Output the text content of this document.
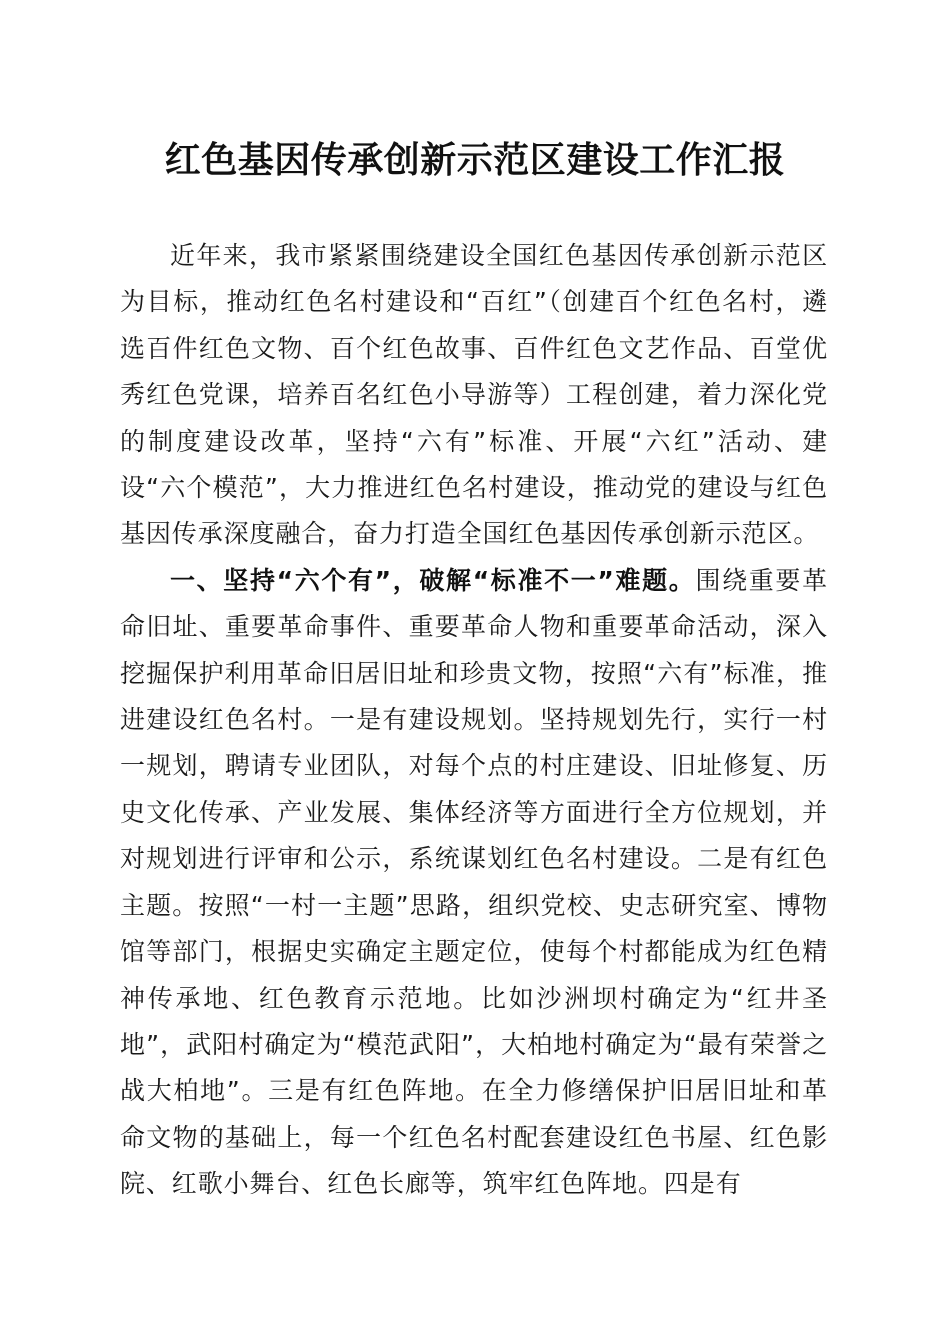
红色基因传承创新示范区建设工作汇报

近年来，我市紧紧围绕建设全国红色基因传承创新示范区为目标，推动红色名村建设和“百红”（创建百个红色名村，遴选百件红色文物、百个红色故事、百件红色文艺作品、百堂优秀红色党课，培养百名红色小导游等）工程创建，着力深化党的制度建设改革，坚持“六有”标准、开展“六红”活动、建设“六个模范”，大力推进红色名村建设，推动党的建设与红色基因传承深度融合，奋力打造全国红色基因传承创新示范区。

一、坚持“六个有”，破解“标准不一”难题。围绕重要革命旧址、重要革命事件、重要革命人物和重要革命活动，深入挖掘保护利用革命旧居旧址和珍贵文物，按照“六有”标准，推进建设红色名村。一是有建设规划。坚持规划先行，实行一村一规划，聘请专业团队，对每个点的村庄建设、旧址修复、历史文化传承、产业发展、集体经济等方面进行全方位规划，并对规划进行评审和公示，系统谋划红色名村建设。二是有红色主题。按照“一村一主题”思路，组织党校、史志研究室、博物馆等部门，根据史实确定主题定位，使每个村都能成为红色精神传承地、红色教育示范地。比如沙洲坝村确定为“红井圣地”，武阳村确定为“模范武阳”，大柏地村确定为“最有荣誉之战大柏地”。三是有红色阵地。在全力修缮保护旧居旧址和革命文物的基础上，每一个红色名村配套建设红色书屋、红色影院、红歌小舞台、红色长廊等，筑牢红色阵地。四是有
